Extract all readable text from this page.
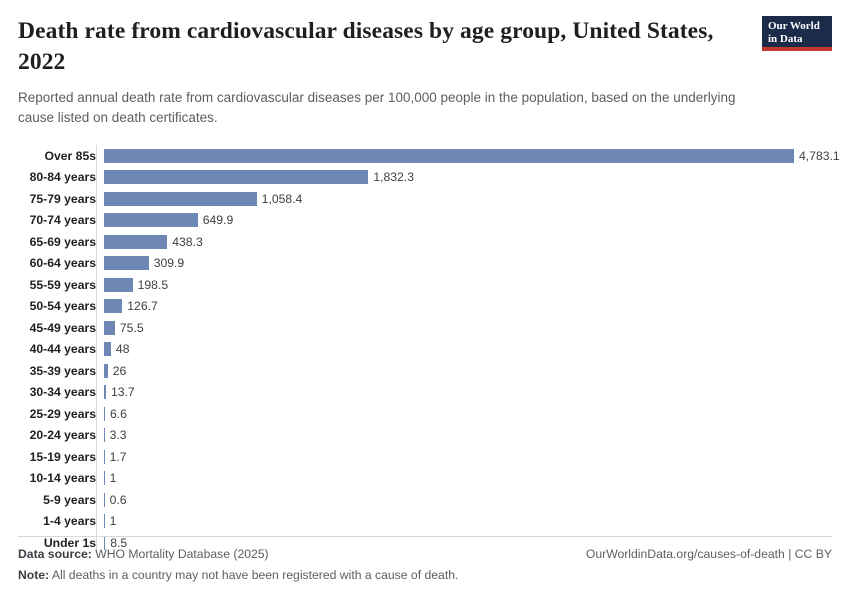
Death rate from cardiovascular diseases by age group, United States, 2022

Reported annual death rate from cardiovascular diseases per 100,000 people in the population, based on the underlying cause listed on death certificates.

Our World
in Data
Over 85s	4,783.1
80-84 years	1,832.3
75-79 years	1,058.4
70-74 years	649.9
65-69 years	438.3
60-64 years	309.9
55-59 years	198.5
50-54 years	126.7
45-49 years	75.5
40-44 years	48
35-39 years	26
30-34 years	13.7
25-29 years	6.6
20-24 years	3.3
15-19 years	1.7
10-14 years	1
5-9 years	0.6
1-4 years	1
Under 1s	8.5
Data source: WHO Mortality Database (2025)	OurWorldinData.org/causes-of-death | CC BY
Note: All deaths in a country may not have been registered with a cause of death.
